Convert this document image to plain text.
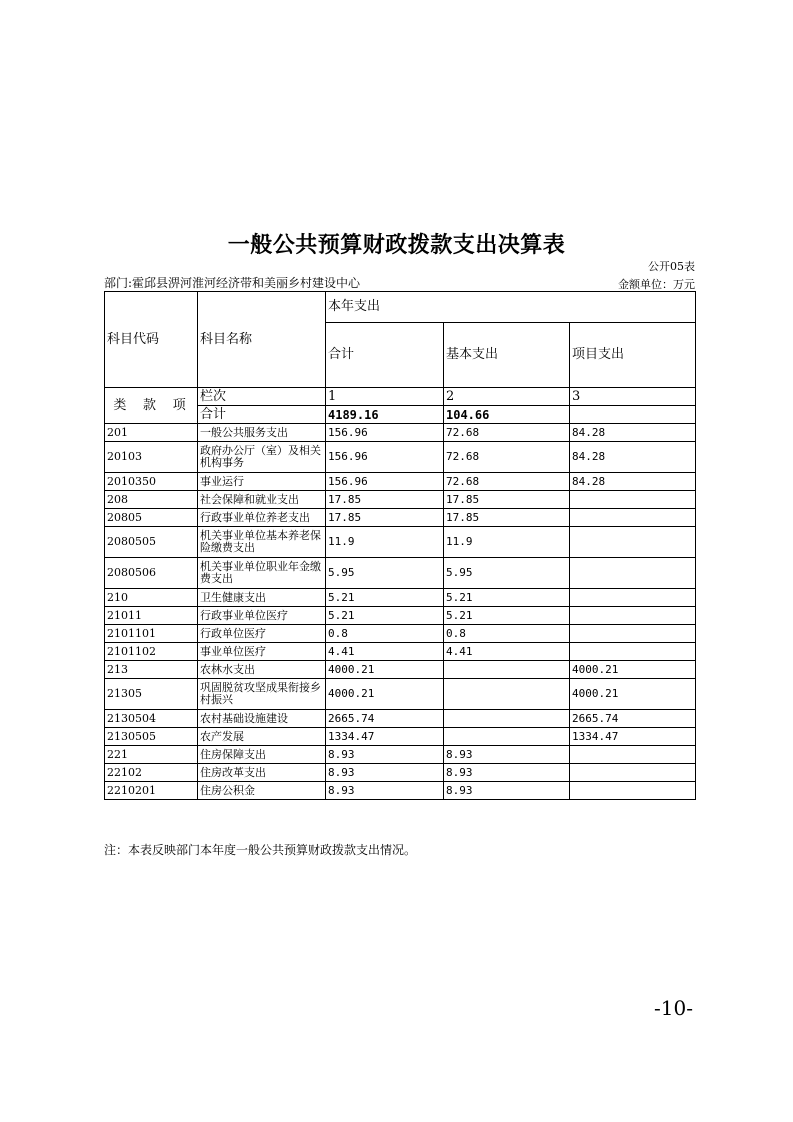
一般公共预算财政拨款支出决算表
公开05表
部门:霍邱县淠河淮河经济带和美丽乡村建设中心	金额单位：万元
科目代码	科目名称	本年支出		
		合计	基本支出	项目支出
类 款 项	栏次	1	2	3
	合计	4189.16	104.66	
201	一般公共服务支出	156.96	72.68	84.28
20103	政府办公厅（室）及相关机构事务	156.96	72.68	84.28
2010350	事业运行	156.96	72.68	84.28
208	社会保障和就业支出	17.85	17.85	
20805	行政事业单位养老支出	17.85	17.85	
2080505	机关事业单位基本养老保险缴费支出	11.9	11.9	
2080506	机关事业单位职业年金缴费支出	5.95	5.95	
210	卫生健康支出	5.21	5.21	
21011	行政事业单位医疗	5.21	5.21	
2101101	行政单位医疗	0.8	0.8	
2101102	事业单位医疗	4.41	4.41	
213	农林水支出	4000.21		4000.21
21305	巩固脱贫攻坚成果衔接乡村振兴	4000.21		4000.21
2130504	农村基础设施建设	2665.74		2665.74
2130505	农产发展	1334.47		1334.47
221	住房保障支出	8.93	8.93	
22102	住房改革支出	8.93	8.93	
2210201	住房公积金	8.93	8.93	
注：本表反映部门本年度一般公共预算财政拨款支出情况。
-10-
